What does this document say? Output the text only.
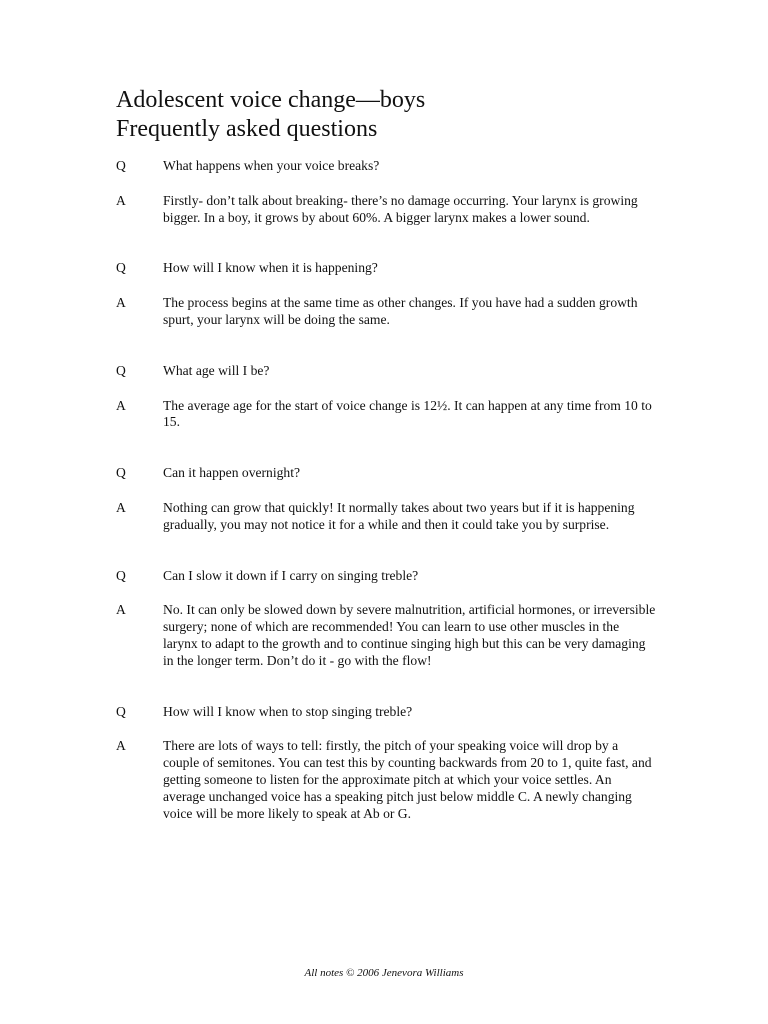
Adolescent voice change—boys
Frequently asked questions
Q	What happens when your voice breaks?
A	Firstly- don’t talk about breaking- there’s no damage occurring. Your larynx is growing bigger. In a boy, it grows by about 60%. A bigger larynx makes a lower sound.
Q	How will I know when it is happening?
A	The process begins at the same time as other changes. If you have had a sudden growth spurt, your larynx will be doing the same.
Q	What age will I be?
A	The average age for the start of voice change is 12½. It can happen at any time from 10 to 15.
Q	Can it happen overnight?
A	Nothing can grow that quickly! It normally takes about two years but if it is happening gradually, you may not notice it for a while and then it could take you by surprise.
Q	Can I slow it down if I carry on singing treble?
A	No. It can only be slowed down by severe malnutrition, artificial hormones, or irreversible surgery; none of which are recommended! You can learn to use other muscles in the larynx to adapt to the growth and to continue singing high but this can be very damaging in the longer term. Don’t do it - go with the flow!
Q	How will I know when to stop singing treble?
A	There are lots of ways to tell: firstly, the pitch of your speaking voice will drop by a couple of semitones. You can test this by counting backwards from 20 to 1, quite fast, and getting someone to listen for the approximate pitch at which your voice settles. An average unchanged voice has a speaking pitch just below middle C. A newly changing voice will be more likely to speak at Ab or G.
All notes © 2006 Jenevora Williams
